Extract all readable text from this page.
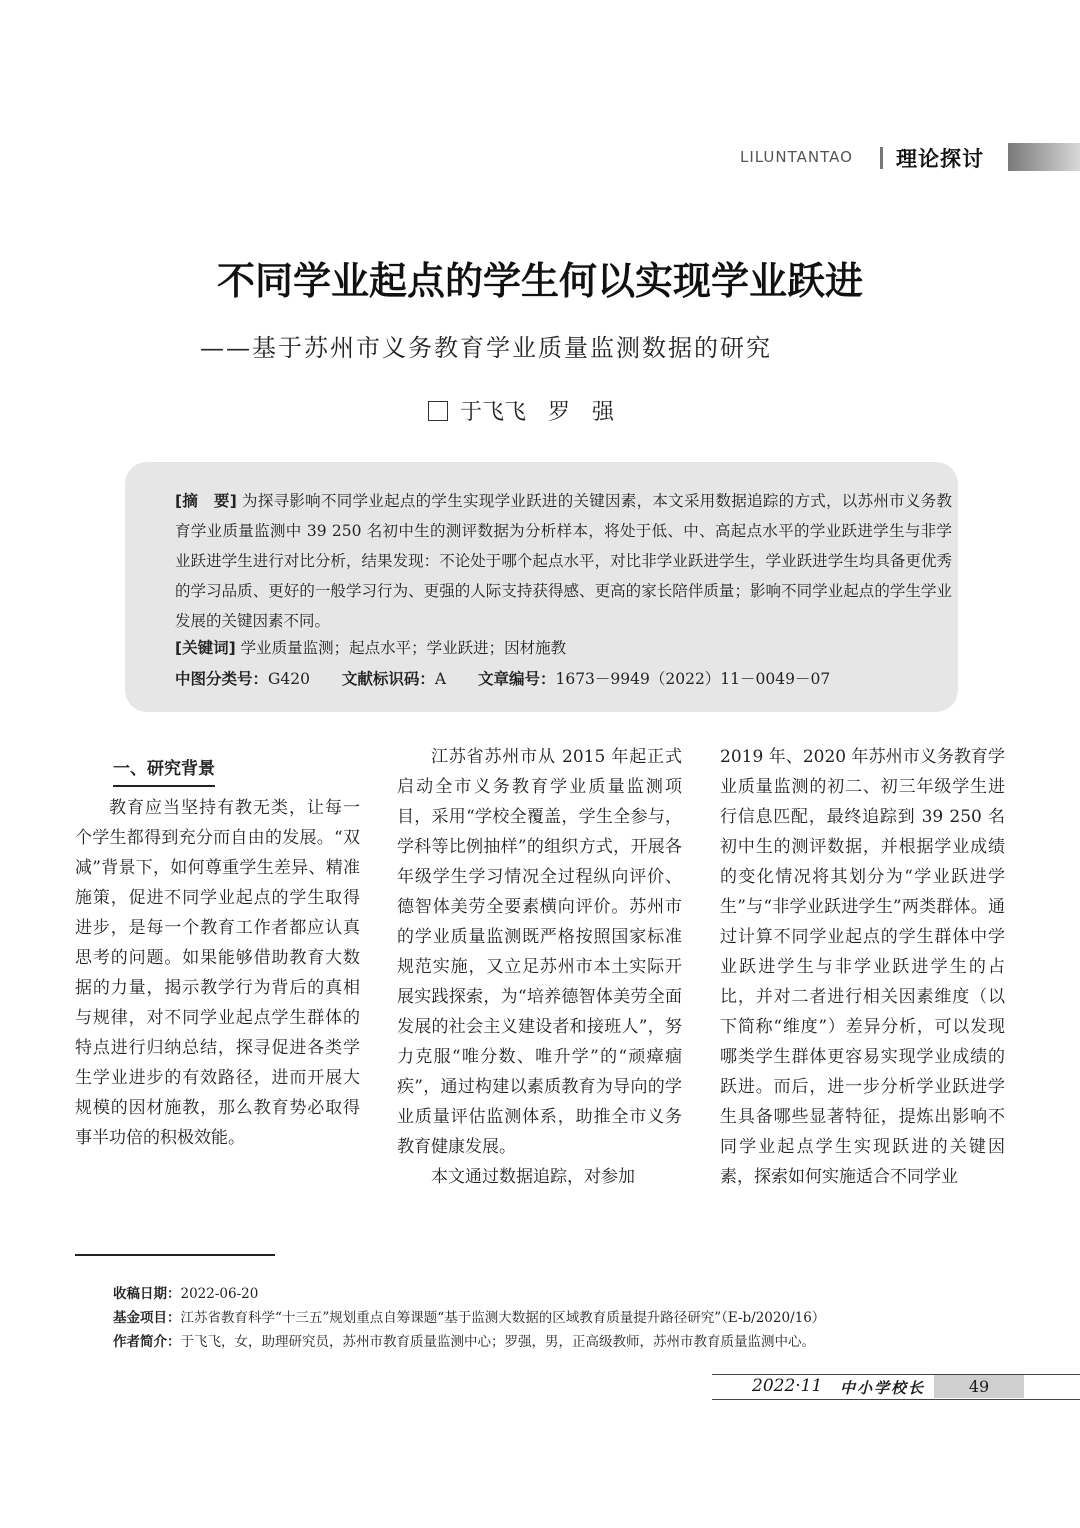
LILUNTANTAO 理论探讨
不同学业起点的学生何以实现学业跃进
——基于苏州市义务教育学业质量监测数据的研究
于飞飞　罗　强
[摘　要] 为探寻影响不同学业起点的学生实现学业跃进的关键因素，本文采用数据追踪的方式，以苏州市义务教育学业质量监测中 39 250 名初中生的测评数据为分析样本，将处于低、中、高起点水平的学业跃进学生与非学业跃进学生进行对比分析，结果发现：不论处于哪个起点水平，对比非学业跃进学生，学业跃进学生均具备更优秀的学习品质、更好的一般学习行为、更强的人际支持获得感、更高的家长陪伴质量；影响不同学业起点的学生学业发展的关键因素不同。
[关键词] 学业质量监测；起点水平；学业跃进；因材施教
中图分类号：G420 文献标识码：A 文章编号：1673－9949（2022）11－0049－07
一、研究背景

教育应当坚持有教无类，让每一个学生都得到充分而自由的发展。“双减”背景下，如何尊重学生差异、精准施策，促进不同学业起点的学生取得进步，是每一个教育工作者都应认真思考的问题。如果能够借助教育大数据的力量，揭示教学行为背后的真相与规律，对不同学业起点学生群体的特点进行归纳总结，探寻促进各类学生学业进步的有效路径，进而开展大规模的因材施教，那么教育势必取得事半功倍的积极效能。

江苏省苏州市从 2015 年起正式启动全市义务教育学业质量监测项目，采用“学校全覆盖，学生全参与，学科等比例抽样”的组织方式，开展各年级学生学习情况全过程纵向评价、德智体美劳全要素横向评价。苏州市的学业质量监测既严格按照国家标准规范实施，又立足苏州市本土实际开展实践探索，为“培养德智体美劳全面发展的社会主义建设者和接班人”，努力克服“唯分数、唯升学”的“顽瘴痼疾”，通过构建以素质教育为导向的学业质量评估监测体系，助推全市义务教育健康发展。

本文通过数据追踪，对参加

2019 年、2020 年苏州市义务教育学业质量监测的初二、初三年级学生进行信息匹配，最终追踪到 39 250 名初中生的测评数据，并根据学业成绩的变化情况将其划分为“学业跃进学生”与“非学业跃进学生”两类群体。通过计算不同学业起点的学生群体中学业跃进学生与非学业跃进学生的占比，并对二者进行相关因素维度（以下简称“维度”）差异分析，可以发现哪类学生群体更容易实现学业成绩的跃进。而后，进一步分析学业跃进学生具备哪些显著特征，提炼出影响不同学业起点学生实现跃进的关键因素，探索如何实施适合不同学业

收稿日期：2022-06-20
基金项目：江苏省教育科学“十三五”规划重点自筹课题“基于监测大数据的区域教育质量提升路径研究”（E-b/2020/16）
作者简介：于飞飞，女，助理研究员，苏州市教育质量监测中心；罗强，男，正高级教师，苏州市教育质量监测中心。
2022·11 中小学校长	49
